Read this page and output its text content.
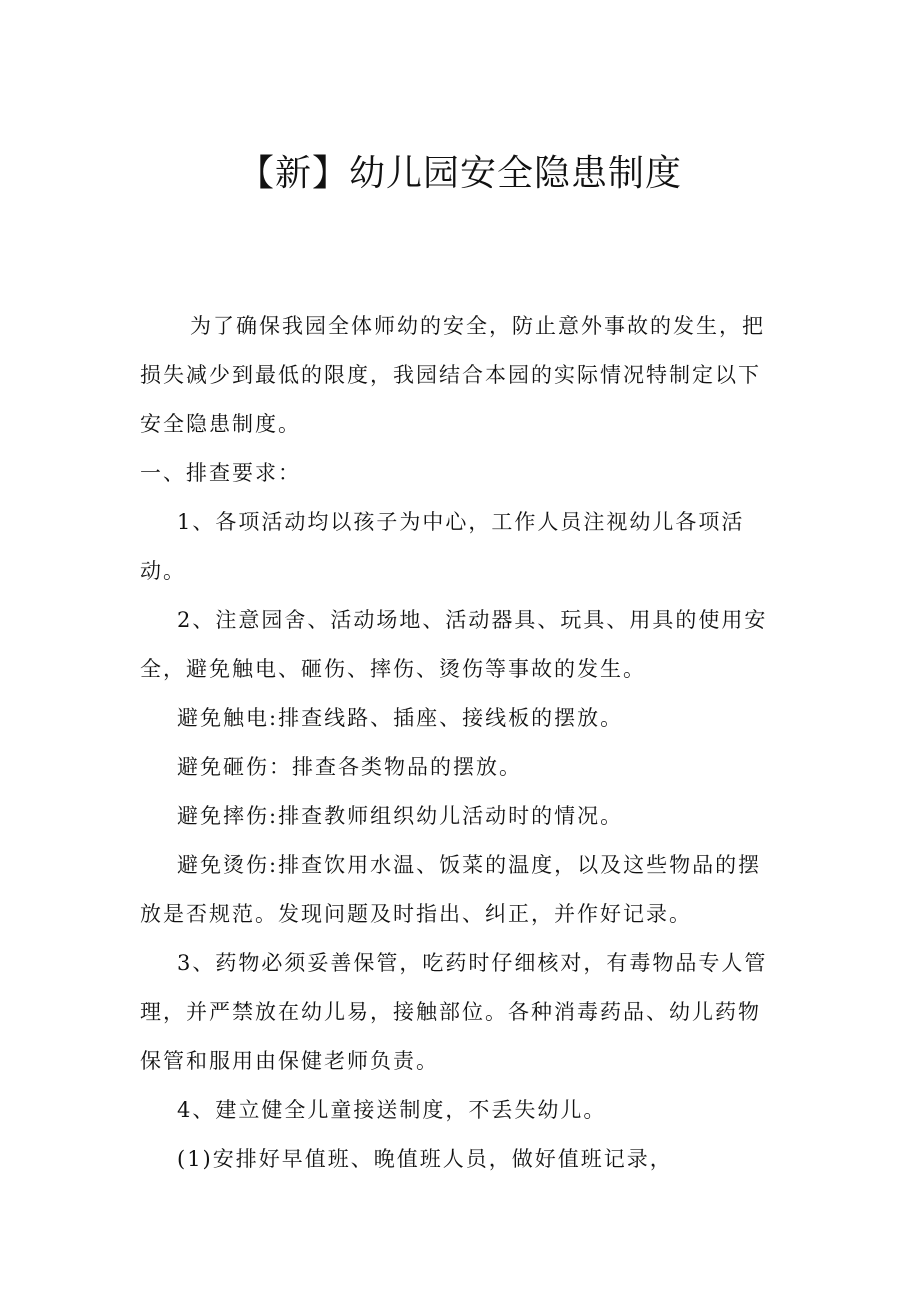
【新】幼儿园安全隐患制度

为了确保我园全体师幼的安全，防止意外事故的发生，把损失减少到最低的限度，我园结合本园的实际情况特制定以下安全隐患制度。

一、排查要求：

1、各项活动均以孩子为中心，工作人员注视幼儿各项活动。

2、注意园舍、活动场地、活动器具、玩具、用具的使用安全，避免触电、砸伤、摔伤、烫伤等事故的发生。

避免触电:排查线路、插座、接线板的摆放。

避免砸伤：排查各类物品的摆放。

避免摔伤:排查教师组织幼儿活动时的情况。

避免烫伤:排查饮用水温、饭菜的温度，以及这些物品的摆放是否规范。发现问题及时指出、纠正，并作好记录。

3、药物必须妥善保管，吃药时仔细核对，有毒物品专人管理，并严禁放在幼儿易，接触部位。各种消毒药品、幼儿药物保管和服用由保健老师负责。

4、建立健全儿童接送制度，不丢失幼儿。

(1)安排好早值班、晚值班人员，做好值班记录，
